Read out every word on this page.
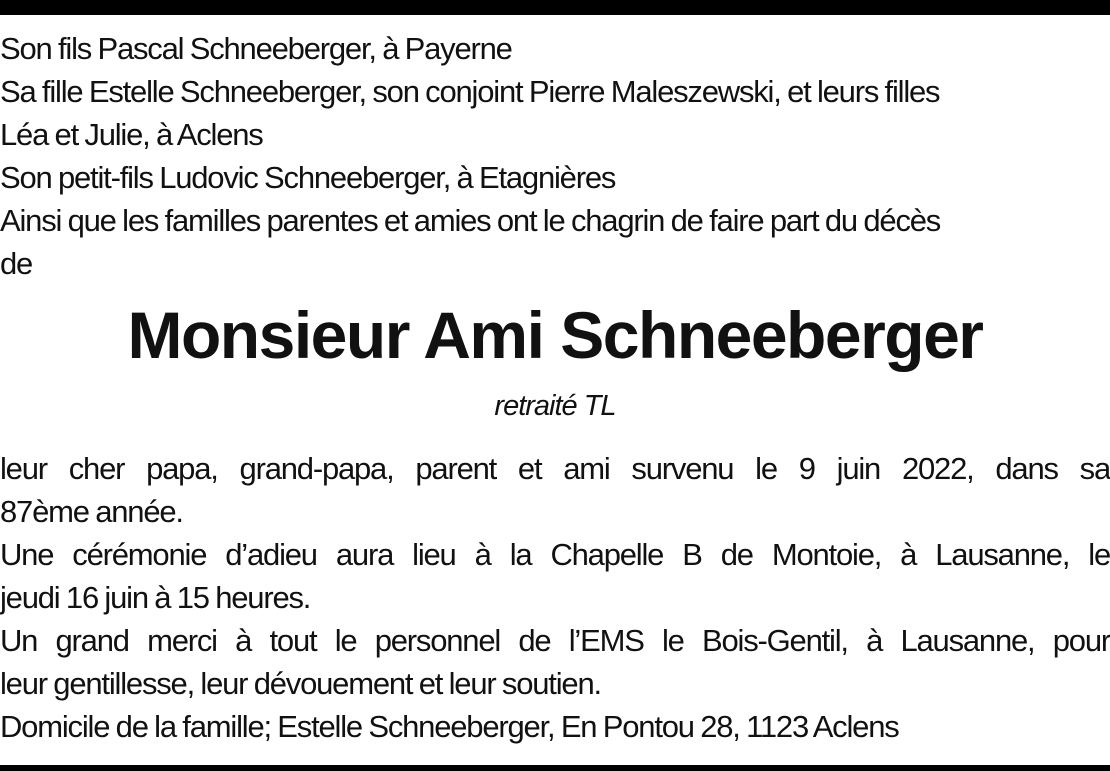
Son fils Pascal Schneeberger, à Payerne
Sa fille Estelle Schneeberger, son conjoint Pierre Maleszewski, et leurs filles
Léa et Julie, à Aclens
Son petit-fils Ludovic Schneeberger, à Etagnières
Ainsi que les familles parentes et amies ont le chagrin de faire part du décès
de
Monsieur Ami Schneeberger
retraité TL
leur cher papa, grand-papa, parent et ami survenu le 9 juin 2022, dans sa
87ème année.
Une cérémonie d’adieu aura lieu à la Chapelle B de Montoie, à Lausanne, le
jeudi 16 juin à 15 heures.
Un grand merci à tout le personnel de l’EMS le Bois-Gentil, à Lausanne, pour
leur gentillesse, leur dévouement et leur soutien.
Domicile de la famille; Estelle Schneeberger, En Pontou 28, 1123 Aclens
